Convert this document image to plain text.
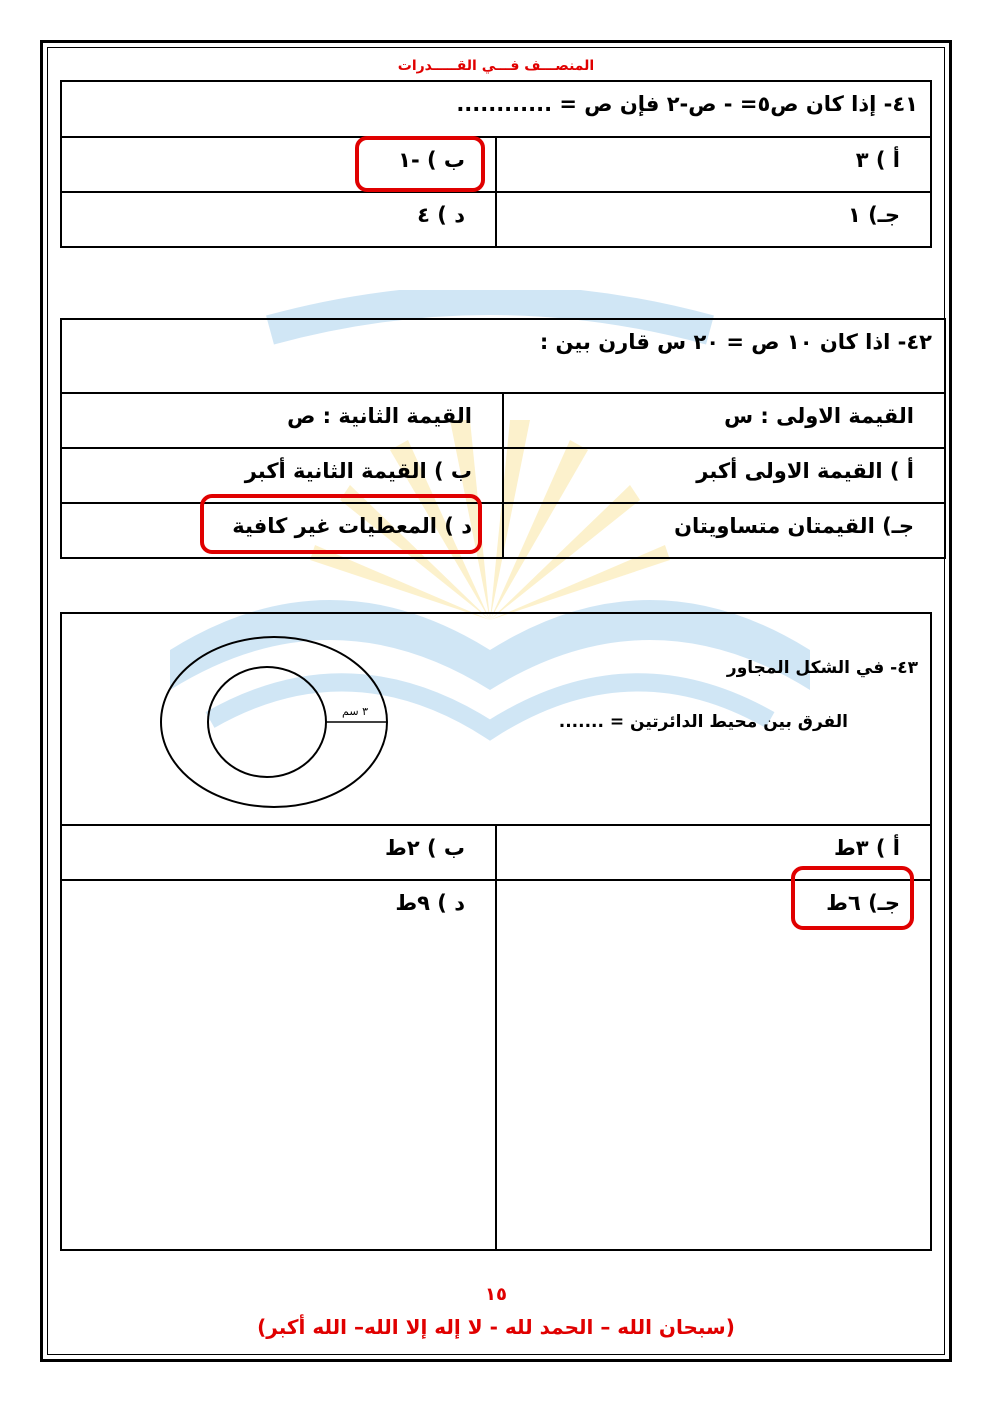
المنصـــف فـــي القـــــدرات
٤١- إذا كان ص٥= - ص-٢ فإن ص = ............	
أ ) ٣	ب ) -١
جـ) ١	د ) ٤
٤٢- اذا كان ١٠ ص = ٢٠ س قارن بين :	
القيمة الاولى : س	القيمة الثانية : ص
أ ) القيمة الاولى أكبر	ب ) القيمة الثانية أكبر
جـ) القيمتان متساويتان	د ) المعطيات غير كافية
٤٣- في الشكل المجاور
الفرق بين محيط الدائرتين = .......	

أ ) ٣ط	ب ) ٢ط
جـ) ٦ط	د ) ٩ط
٣ سم
١٥
(سبحان الله – الحمد لله - لا إله إلا الله– الله أكبر)
